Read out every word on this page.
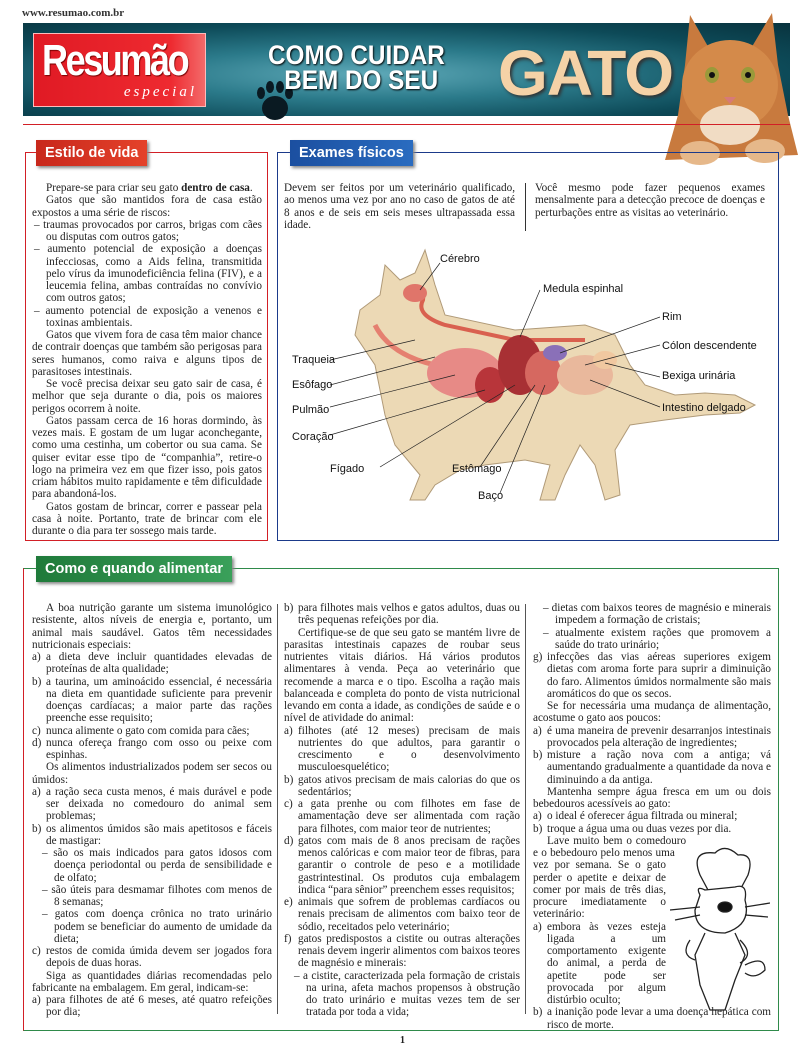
www.resumao.com.br
Resumão
especial
COMO CUIDAR
BEM DO SEU GATO
Estilo de vida

Prepare-se para criar seu gato dentro de casa.

Gatos que são mantidos fora de casa estão expostos a uma série de riscos:

– traumas provocados por carros, brigas com cães ou disputas com outros gatos;
– aumento potencial de exposição a doenças infecciosas, como a Aids felina, transmitida pelo vírus da imunodeficiência felina (FIV), e a leucemia felina, ambas contraídas no convívio com outros gatos;
– aumento potencial de exposição a venenos e toxinas ambientais.

Gatos que vivem fora de casa têm maior chance de contrair doenças que também são perigosas para seres humanos, como raiva e alguns tipos de parasitoses intestinais.

Se você precisa deixar seu gato sair de casa, é melhor que seja durante o dia, pois os maiores perigos ocorrem à noite.

Gatos passam cerca de 16 horas dormindo, às vezes mais. E gostam de um lugar aconchegante, como uma cestinha, um cobertor ou sua cama. Se quiser evitar esse tipo de “companhia”, retire-o logo na primeira vez em que fizer isso, pois gatos criam hábitos muito rapidamente e têm dificuldade para abandoná-los.

Gatos gostam de brincar, correr e passear pela casa à noite. Portanto, trate de brincar com ele durante o dia para ter sossego mais tarde.

Exames físicos
Devem ser feitos por um veterinário qualificado, ao menos uma vez por ano no caso de gatos de até 8 anos e de seis em seis meses ultrapassada essa idade.
Você mesmo pode fazer pequenos exames mensalmente para a detecção precoce de doenças e perturbações entre as visitas ao veterinário.
Cérebro
Medula espinhal
Rim
Cólon descendente
Bexiga urinária
Intestino delgado
Traqueia
Esôfago
Pulmão
Coração
Fígado	Estômago
Baço
Como e quando alimentar

A boa nutrição garante um sistema imunológico resistente, altos níveis de energia e, portanto, um animal mais saudável. Gatos têm necessidades nutricionais especiais:

a) a dieta deve incluir quantidades elevadas de proteínas de alta qualidade;
b) a taurina, um aminoácido essencial, é necessária na dieta em quantidade suficiente para prevenir doenças cardíacas; a maior parte das rações preenche esse requisito;
c) nunca alimente o gato com comida para cães;
d) nunca ofereça frango com osso ou peixe com espinhas.

Os alimentos industrializados podem ser secos ou úmidos:

a) a ração seca custa menos, é mais durável e pode ser deixada no comedouro do animal sem problemas;
b) os alimentos úmidos são mais apetitosos e fáceis de mastigar:
– são os mais indicados para gatos idosos com doença periodontal ou perda de sensibilidade e de olfato;
– são úteis para desmamar filhotes com menos de 8 semanas;
– gatos com doença crônica no trato urinário podem se beneficiar do aumento de umidade da dieta;
c) restos de comida úmida devem ser jogados fora depois de duas horas.

Siga as quantidades diárias recomendadas pelo fabricante na embalagem. Em geral, indicam-se:

a) para filhotes de até 6 meses, até quatro refeições por dia;
b) para filhotes mais velhos e gatos adultos, duas ou três pequenas refeições por dia.

Certifique-se de que seu gato se mantém livre de parasitas intestinais capazes de roubar seus nutrientes vitais diários. Há vários produtos alimentares à venda. Peça ao veterinário que recomende a marca e o tipo. Escolha a ração mais balanceada e completa do ponto de vista nutricional levando em conta a idade, as condições de saúde e o nível de atividade do animal:

a) filhotes (até 12 meses) precisam de mais nutrientes do que adultos, para garantir o crescimento e o desenvolvimento musculoesquelético;
b) gatos ativos precisam de mais calorias do que os sedentários;
c) a gata prenhe ou com filhotes em fase de amamentação deve ser alimentada com ração para filhotes, com maior teor de nutrientes;
d) gatos com mais de 8 anos precisam de rações menos calóricas e com maior teor de fibras, para garantir o controle de peso e a motilidade gastrintestinal. Os produtos cuja embalagem indica “para sênior” preenchem esses requisitos;
e) animais que sofrem de problemas cardíacos ou renais precisam de alimentos com baixo teor de sódio, receitados pelo veterinário;
f) gatos predispostos a cistite ou outras alterações renais devem ingerir alimentos com baixos teores de magnésio e minerais:
– a cistite, caracterizada pela formação de cristais na urina, afeta machos propensos à obstrução do trato urinário e muitas vezes tem de ser tratada por toda a vida;
– dietas com baixos teores de magnésio e minerais impedem a formação de cristais;
– atualmente existem rações que promovem a saúde do trato urinário;
g) infecções das vias aéreas superiores exigem dietas com aroma forte para suprir a diminuição do faro. Alimentos úmidos normalmente são mais aromáticos do que os secos.

Se for necessária uma mudança de alimentação, acostume o gato aos poucos:

a) é uma maneira de prevenir desarranjos intestinais provocados pela alteração de ingredientes;
b) misture a ração nova com a antiga; vá aumentando gradualmente a quantidade da nova e diminuindo a da antiga.

Mantenha sempre água fresca em um ou dois bebedouros acessíveis ao gato:

a) o ideal é oferecer água filtrada ou mineral;
b) troque a água uma ou duas vezes por dia.

Lave muito bem o comedouro e o bebedouro pelo menos uma vez por semana. Se o gato perder o apetite e deixar de comer por mais de três dias, procure imediatamente o veterinário:

a) embora às vezes esteja ligada a um comportamento exigente do animal, a perda de apetite pode ser provocada por algum distúrbio oculto;
b) a inanição pode levar a uma doença hepática com risco de morte.
1
